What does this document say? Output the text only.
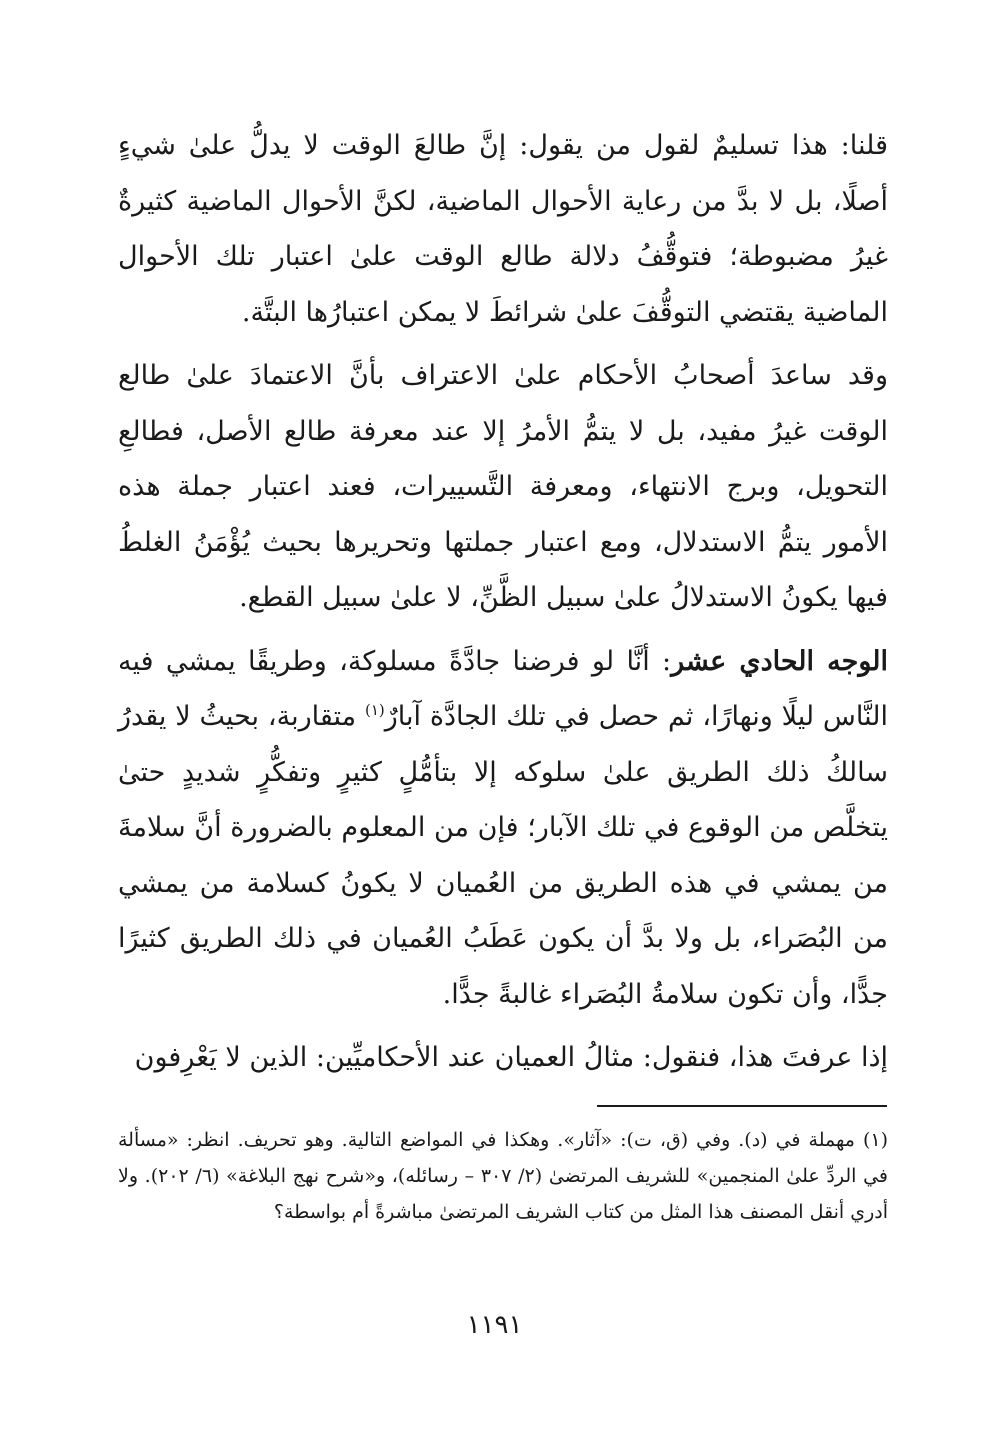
قلنا: هذا تسليمٌ لقول من يقول: إنَّ طالعَ الوقت لا يدلُّ علىٰ شيءٍ أصلًا، بل لا بدَّ من رعاية الأحوال الماضية، لكنَّ الأحوال الماضية كثيرةٌ غيرُ مضبوطة؛ فتوقُّفُ دلالة طالع الوقت علىٰ اعتبار تلك الأحوال الماضية يقتضي التوقُّفَ علىٰ شرائطَ لا يمكن اعتبارُها البتَّة.

وقد ساعدَ أصحابُ الأحكام علىٰ الاعتراف بأنَّ الاعتمادَ علىٰ طالع الوقت غيرُ مفيد، بل لا يتمُّ الأمرُ إلا عند معرفة طالع الأصل، فطالعِ التحويل، وبرج الانتهاء، ومعرفة التَّسييرات، فعند اعتبار جملة هذه الأمور يتمُّ الاستدلال، ومع اعتبار جملتها وتحريرها بحيث يُؤْمَنُ الغلطُ فيها يكونُ الاستدلالُ علىٰ سبيل الظَّنِّ، لا علىٰ سبيل القطع.

الوجه الحادي عشر: أنَّا لو فرضنا جادَّةً مسلوكة، وطريقًا يمشي فيه النَّاس ليلًا ونهارًا، ثم حصل في تلك الجادَّة آبارٌ$^{(١)}$ متقاربة، بحيثُ لا يقدرُ سالكُ ذلك الطريق علىٰ سلوكه إلا بتأمُّلٍ كثيرٍ وتفكُّرٍ شديدٍ حتىٰ يتخلَّص من الوقوع في تلك الآبار؛ فإن من المعلوم بالضرورة أنَّ سلامةَ من يمشي في هذه الطريق من العُميان لا يكونُ كسلامة من يمشي من البُصَراء، بل ولا بدَّ أن يكون عَطَبُ العُميان في ذلك الطريق كثيرًا جدًّا، وأن تكون سلامةُ البُصَراء غالبةً جدًّا.

إذا عرفتَ هذا، فنقول: مثالُ العميان عند الأحكاميِّين: الذين لا يَعْرِفون

(١) مهملة في (د). وفي (ق، ت): «آثار». وهكذا في المواضع التالية. وهو تحريف. انظر: «مسألة في الردِّ علىٰ المنجمين» للشريف المرتضىٰ (٢/ ٣٠٧ – رسائله)، و«شرح نهج البلاغة» (٦/ ٢٠٢). ولا أدري أنقل المصنف هذا المثل من كتاب الشريف المرتضىٰ مباشرةً أم بواسطة؟

١١٩١
